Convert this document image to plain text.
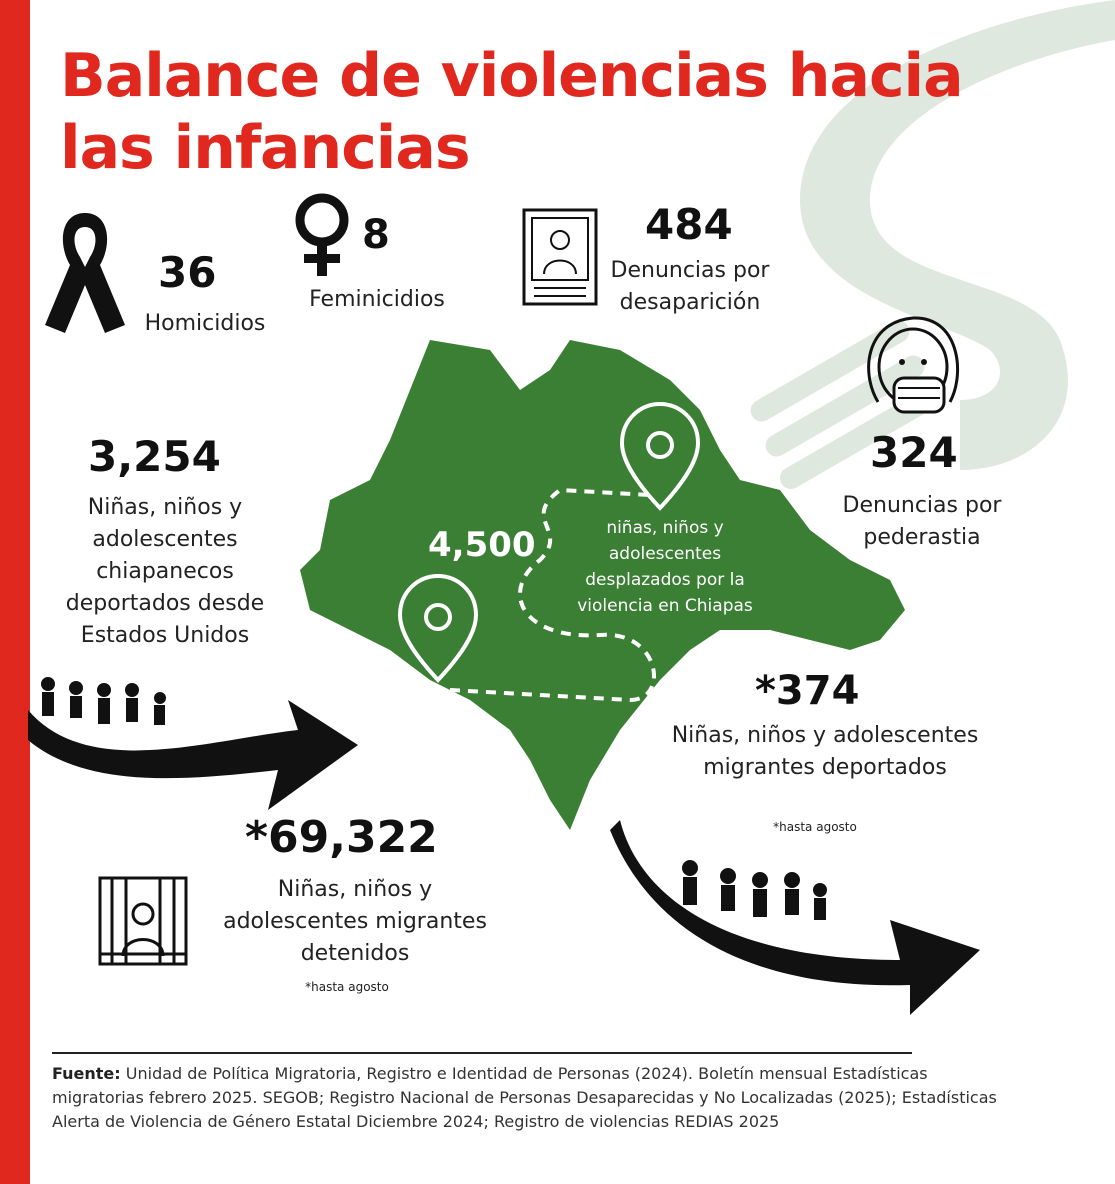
Balance de violencias hacia las infancias
36
Homicidios
8
Feminicidios
484
Denuncias por desaparición
324
Denuncias por pederastia
3,254
Niñas, niños y adolescentes chiapanecos deportados desde Estados Unidos
4,500	niñas, niños y adolescentes desplazados por la violencia en Chiapas
*374
Niñas, niños y adolescentes migrantes deportados
*hasta agosto
*69,322
Niñas, niños y adolescentes migrantes detenidos
*hasta agosto
Fuente: Unidad de Política Migratoria, Registro e Identidad de Personas (2024). Boletín mensual Estadísticas migratorias febrero 2025. SEGOB; Registro Nacional de Personas Desaparecidas y No Localizadas (2025); Estadísticas Alerta de Violencia de Género Estatal Diciembre 2024; Registro de violencias REDIAS 2025
